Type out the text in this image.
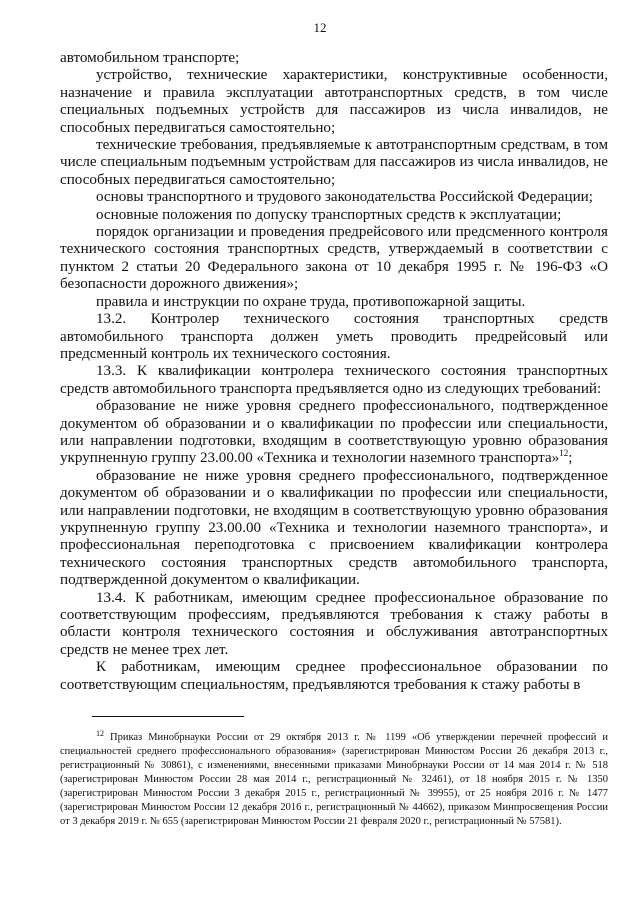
12

автомобильном транспорте;

устройство, технические характеристики, конструктивные особенности, назначение и правила эксплуатации автотранспортных средств, в том числе специальных подъемных устройств для пассажиров из числа инвалидов, не способных передвигаться самостоятельно;

технические требования, предъявляемые к автотранспортным средствам, в том числе специальным подъемным устройствам для пассажиров из числа инвалидов, не способных передвигаться самостоятельно;

основы транспортного и трудового законодательства Российской Федерации;

основные положения по допуску транспортных средств к эксплуатации;

порядок организации и проведения предрейсового или предсменного контроля технического состояния транспортных средств, утверждаемый в соответствии с пунктом 2 статьи 20 Федерального закона от 10 декабря 1995 г. № 196-ФЗ «О безопасности дорожного движения»;

правила и инструкции по охране труда, противопожарной защиты.

13.2. Контролер технического состояния транспортных средств автомобильного транспорта должен уметь проводить предрейсовый или предсменный контроль их технического состояния.

13.3. К квалификации контролера технического состояния транспортных средств автомобильного транспорта предъявляется одно из следующих требований:

образование не ниже уровня среднего профессионального, подтвержденное документом об образовании и о квалификации по профессии или специальности, или направлении подготовки, входящим в соответствующую уровню образования укрупненную группу 23.00.00 «Техника и технологии наземного транспорта»$^{12}$;

образование не ниже уровня среднего профессионального, подтвержденное документом об образовании и о квалификации по профессии или специальности, или направлении подготовки, не входящим в соответствующую уровню образования укрупненную группу 23.00.00 «Техника и технологии наземного транспорта», и профессиональная переподготовка с присвоением квалификации контролера технического состояния транспортных средств автомобильного транспорта, подтвержденной документом о квалификации.

13.4. К работникам, имеющим среднее профессиональное образование по соответствующим профессиям, предъявляются требования к стажу работы в области контроля технического состояния и обслуживания автотранспортных средств не менее трех лет.

К работникам, имеющим среднее профессиональное образовании по соответствующим специальностям, предъявляются требования к стажу работы в

$^{12}$ Приказ Минобрнауки России от 29 октября 2013 г. № 1199 «Об утверждении перечней профессий и специальностей среднего профессионального образования» (зарегистрирован Минюстом России 26 декабря 2013 г., регистрационный № 30861), с изменениями, внесенными приказами Минобрнауки России от 14 мая 2014 г. № 518 (зарегистрирован Минюстом России 28 мая 2014 г., регистрационный № 32461), от 18 ноября 2015 г. № 1350 (зарегистрирован Минюстом России 3 декабря 2015 г., регистрационный № 39955), от 25 ноября 2016 г. № 1477 (зарегистрирован Минюстом России 12 декабря 2016 г., регистрационный № 44662), приказом Минпросвещения России от 3 декабря 2019 г. № 655 (зарегистрирован Минюстом России 21 февраля 2020 г., регистрационный № 57581).
